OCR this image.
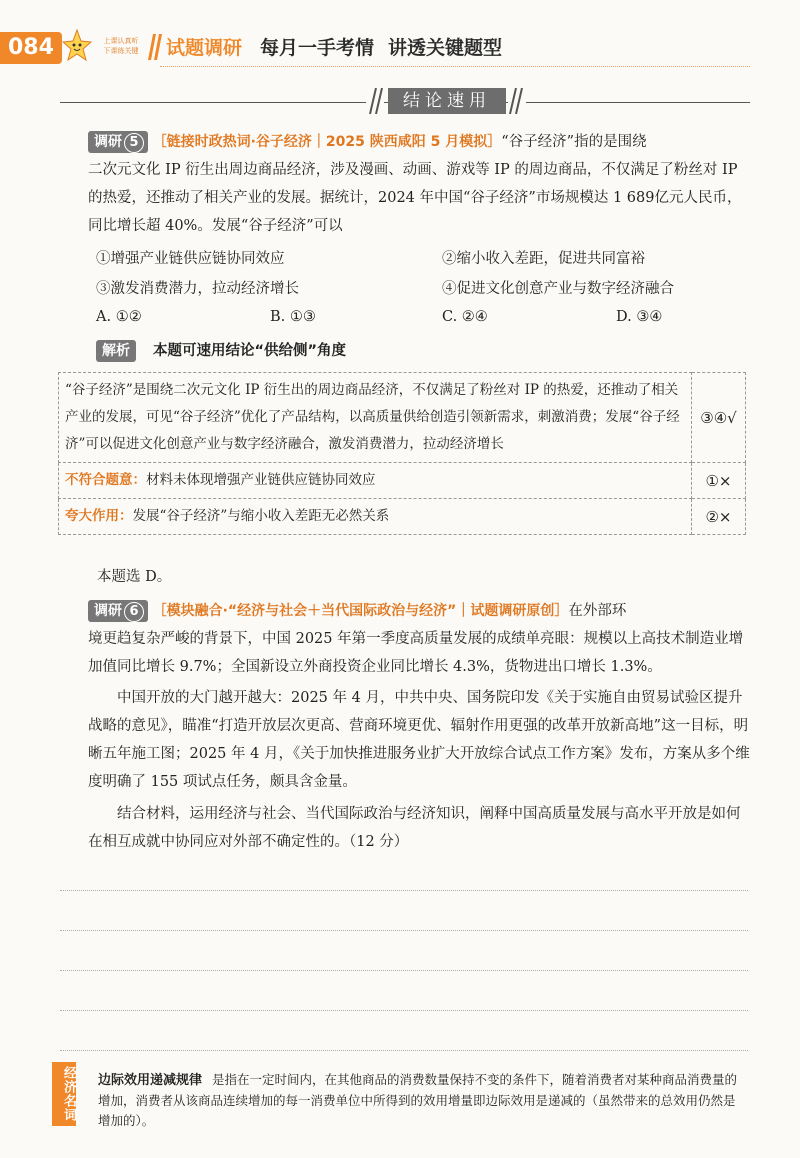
084	上课认真听
下课练关键	试题调研 每月一手考情 讲透关键题型
结论速用
调研 5 ［链接时政热词·谷子经济｜2025 陕西咸阳 5 月模拟］“谷子经济”指的是围绕
二次元文化 IP 衍生出周边商品经济，涉及漫画、动画、游戏等 IP 的周边商品，不仅满足了粉丝对 IP 的热爱，还推动了相关产业的发展。据统计，2024 年中国“谷子经济”市场规模达 1 689亿元人民币，同比增长超 40%。发展“谷子经济”可以
①增强产业链供应链协同效应	②缩小收入差距，促进共同富裕
③激发消费潜力，拉动经济增长	④促进文化创意产业与数字经济融合
A. ①②	B. ①③	C. ②④	D. ③④
解析	本题可速用结论“供给侧”角度
“谷子经济”是围绕二次元文化 IP 衍生出的周边商品经济，不仅满足了粉丝对 IP 的热爱，还推动了相关产业的发展，可见“谷子经济”优化了产品结构，以高质量供给创造引领新需求，刺激消费；发展“谷子经济”可以促进文化创意产业与数字经济融合，激发消费潜力，拉动经济增长	③④√
不符合题意：材料未体现增强产业链供应链协同效应	①×
夸大作用：发展“谷子经济”与缩小收入差距无必然关系	②×
本题选 D。
调研 6 ［模块融合·“经济与社会＋当代国际政治与经济”｜试题调研原创］在外部环
境更趋复杂严峻的背景下，中国 2025 年第一季度高质量发展的成绩单亮眼：规模以上高技术制造业增加值同比增长 9.7%；全国新设立外商投资企业同比增长 4.3%，货物进出口增长 1.3%。
中国开放的大门越开越大：2025 年 4 月，中共中央、国务院印发《关于实施自由贸易试验区提升战略的意见》，瞄准“打造开放层次更高、营商环境更优、辐射作用更强的改革开放新高地”这一目标，明晰五年施工图；2025 年 4 月，《关于加快推进服务业扩大开放综合试点工作方案》发布，方案从多个维度明确了 155 项试点任务，颇具含金量。
结合材料，运用经济与社会、当代国际政治与经济知识，阐释中国高质量发展与高水平开放是如何在相互成就中协同应对外部不确定性的。（12 分）
经济名词 边际效用递减规律 是指在一定时间内，在其他商品的消费数量保持不变的条件下，随着消费者对某种商品消费量的增加，消费者从该商品连续增加的每一消费单位中所得到的效用增量即边际效用是递减的（虽然带来的总效用仍然是增加的）。
